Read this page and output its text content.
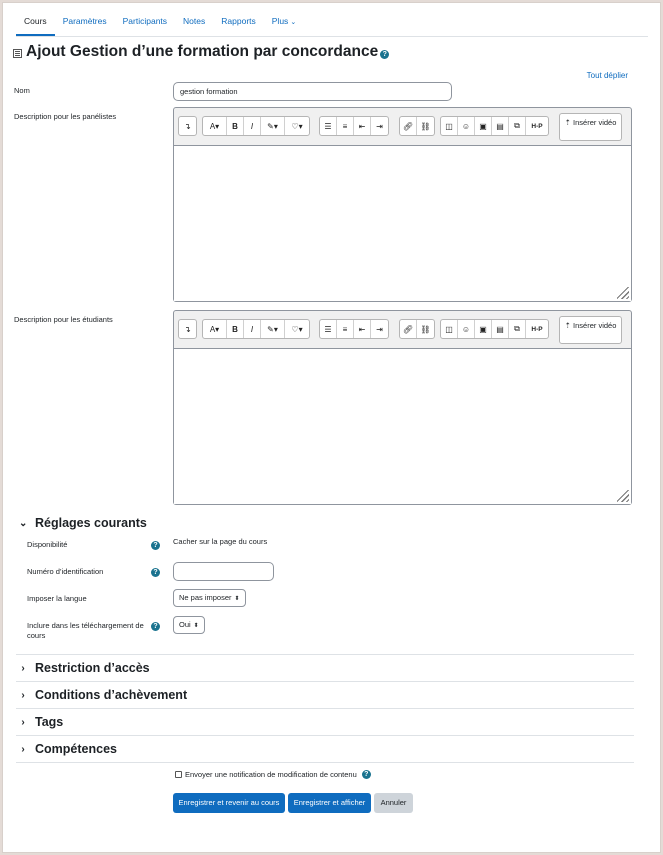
Cours	Paramètres	Participants	Notes	Rapports	Plus ⌄
Ajout Gestion d’une formation par concordance ?
Tout déplier
Nom	gestion formation
Description pour les panélistes
↴	A▾	B I	✎▾	♡▾	☰	≡	⇤	⇥	🔗︎ ⛓︎	◫	☺	▣	▤	⧉	H-P	⇡ Insérer vidéo
Description pour les étudiants
↴	A▾	B I	✎▾	♡▾	☰	≡	⇤	⇥	🔗︎ ⛓︎	◫	☺	▣	▤	⧉	H-P	⇡ Insérer vidéo
⌄ Réglages courants
Disponibilité	?	Cacher sur la page du cours
Numéro d’identification	?
Imposer la langue	Ne pas imposer ⬍
Inclure dans les téléchargement de cours
?	Oui ⬍
› Restriction d’accès
› Conditions d’achèvement
› Tags
› Compétences
Envoyer une notification de modification de contenu	?
Enregistrer et revenir au cours	Enregistrer et afficher	Annuler
